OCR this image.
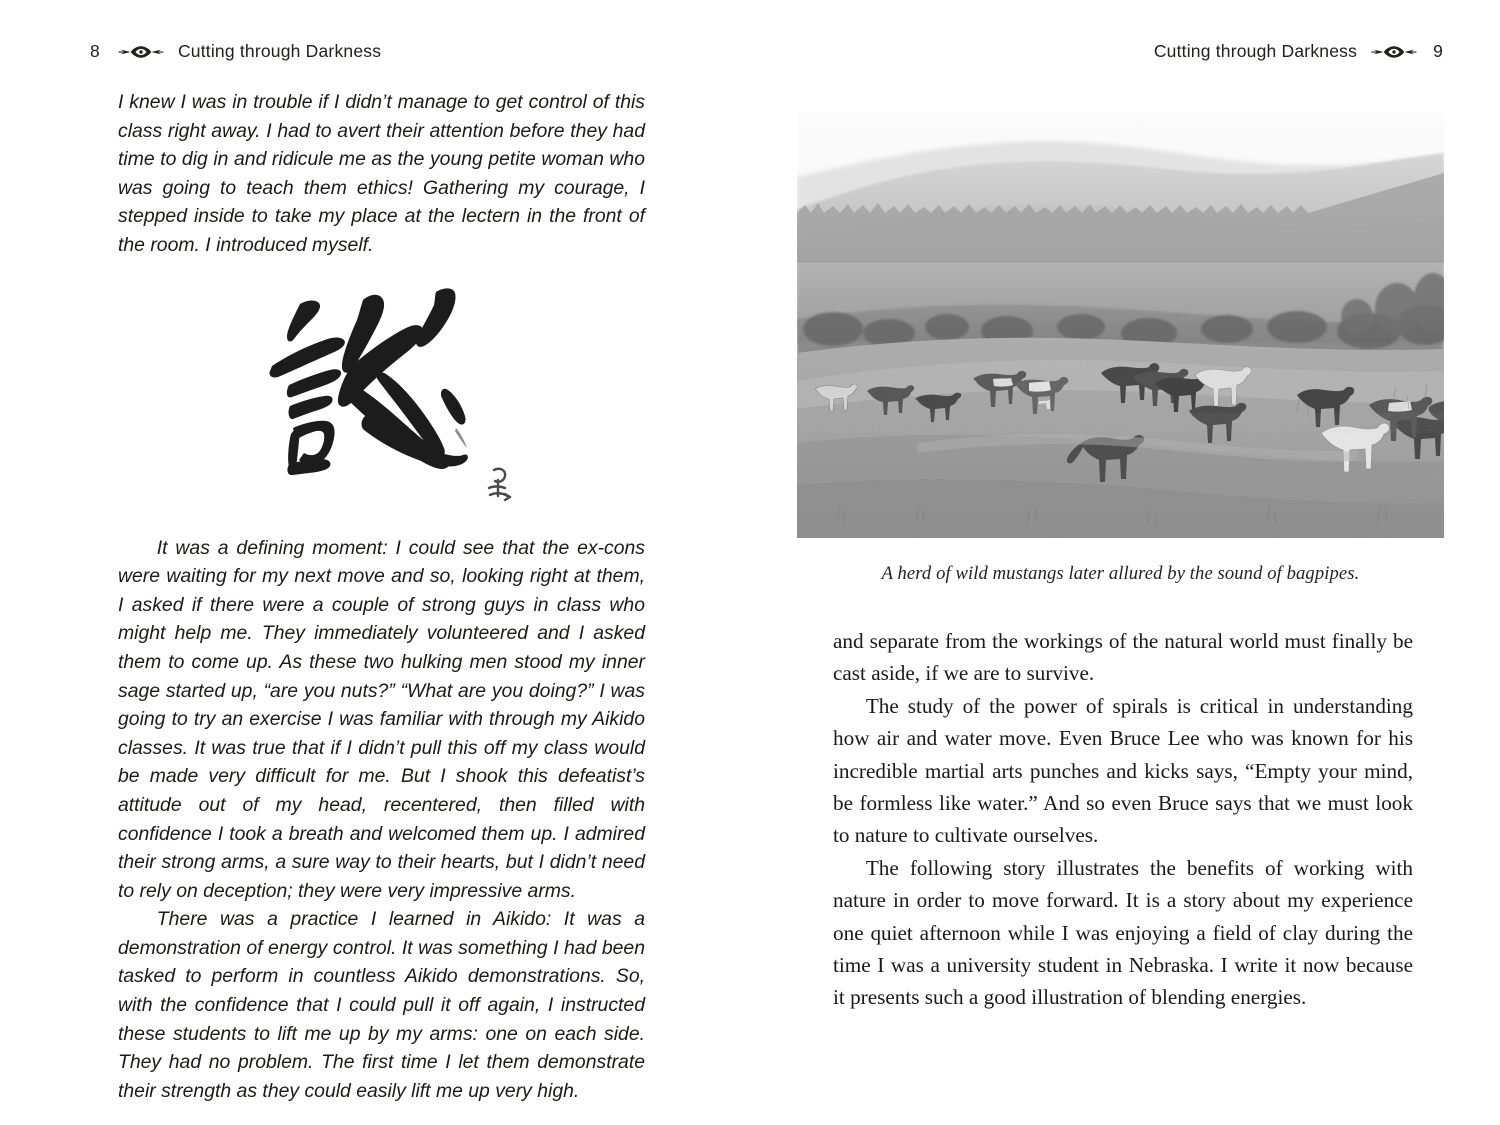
8	Cutting through Darkness	Cutting through Darkness	9

I knew I was in trouble if I didn’t manage to get control of this class right away. I had to avert their attention before they had time to dig in and ridicule me as the young petite woman who was going to teach them ethics! Gathering my courage, I stepped inside to take my place at the lectern in the front of the room. I introduced myself.

It was a defining moment: I could see that the ex-cons were waiting for my next move and so, looking right at them, I asked if there were a couple of strong guys in class who might help me. They immediately volunteered and I asked them to come up. As these two hulking men stood my inner sage started up, “are you nuts?” “What are you doing?” I was going to try an exercise I was familiar with through my Aikido classes. It was true that if I didn’t pull this off my class would be made very difficult for me. But I shook this defeatist’s attitude out of my head, recentered, then filled with confidence I took a breath and welcomed them up. I admired their strong arms, a sure way to their hearts, but I didn’t need to rely on deception; they were very impressive arms.

There was a practice I learned in Aikido: It was a demonstration of energy control. It was something I had been tasked to perform in countless Aikido demonstrations. So, with the confidence that I could pull it off again, I instructed these students to lift me up by my arms: one on each side. They had no problem. The first time I let them demonstrate their strength as they could easily lift me up very high.

A herd of wild mustangs later allured by the sound of bagpipes.

and separate from the workings of the natural world must finally be cast aside, if we are to survive.

The study of the power of spirals is critical in understanding how air and water move. Even Bruce Lee who was known for his incredible martial arts punches and kicks says, “Empty your mind, be formless like water.” And so even Bruce says that we must look to nature to cultivate ourselves.

The following story illustrates the benefits of working with nature in order to move forward. It is a story about my experience one quiet afternoon while I was enjoying a field of clay during the time I was a university student in Nebraska. I write it now because it presents such a good illustration of blending energies.
